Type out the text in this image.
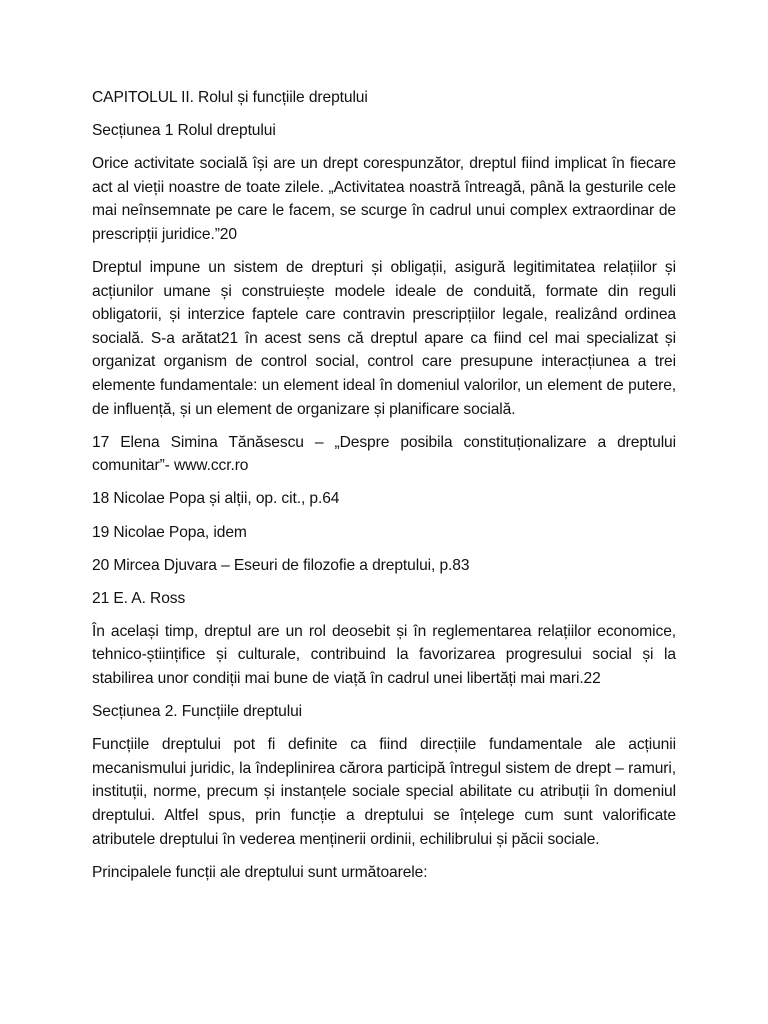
CAPITOLUL II. Rolul și funcțiile dreptului

Secțiunea 1 Rolul dreptului

Orice activitate socială își are un drept corespunzător, dreptul fiind implicat în fiecare act al vieții noastre de toate zilele. „Activitatea noastră întreagă, până la gesturile cele mai neînsemnate pe care le facem, se scurge în cadrul unui complex extraordinar de prescripții juridice.”20

Dreptul impune un sistem de drepturi și obligații, asigură legitimitatea relațiilor și acțiunilor umane și construiește modele ideale de conduită, formate din reguli obligatorii, și interzice faptele care contravin prescripțiilor legale, realizând ordinea socială. S-a arătat21 în acest sens că dreptul apare ca fiind cel mai specializat și organizat organism de control social, control care presupune interacțiunea a trei elemente fundamentale: un element ideal în domeniul valorilor, un element de putere, de influență, și un element de organizare și planificare socială.

17 Elena Simina Tănăsescu – „Despre posibila constituționalizare a dreptului comunitar”- www.ccr.ro

18 Nicolae Popa și alții, op. cit., p.64

19 Nicolae Popa, idem

20 Mircea Djuvara – Eseuri de filozofie a dreptului, p.83

21 E. A. Ross

În același timp, dreptul are un rol deosebit și în reglementarea relațiilor economice, tehnico-științifice și culturale, contribuind la favorizarea progresului social și la stabilirea unor condiții mai bune de viață în cadrul unei libertăți mai mari.22

Secțiunea 2. Funcțiile dreptului

Funcțiile dreptului pot fi definite ca fiind direcțiile fundamentale ale acțiunii mecanismului juridic, la îndeplinirea cărora participă întregul sistem de drept – ramuri, instituții, norme, precum și instanțele sociale special abilitate cu atribuții în domeniul dreptului. Altfel spus, prin funcție a dreptului se înțelege cum sunt valorificate atributele dreptului în vederea menținerii ordinii, echilibrului și păcii sociale.

Principalele funcții ale dreptului sunt următoarele:
